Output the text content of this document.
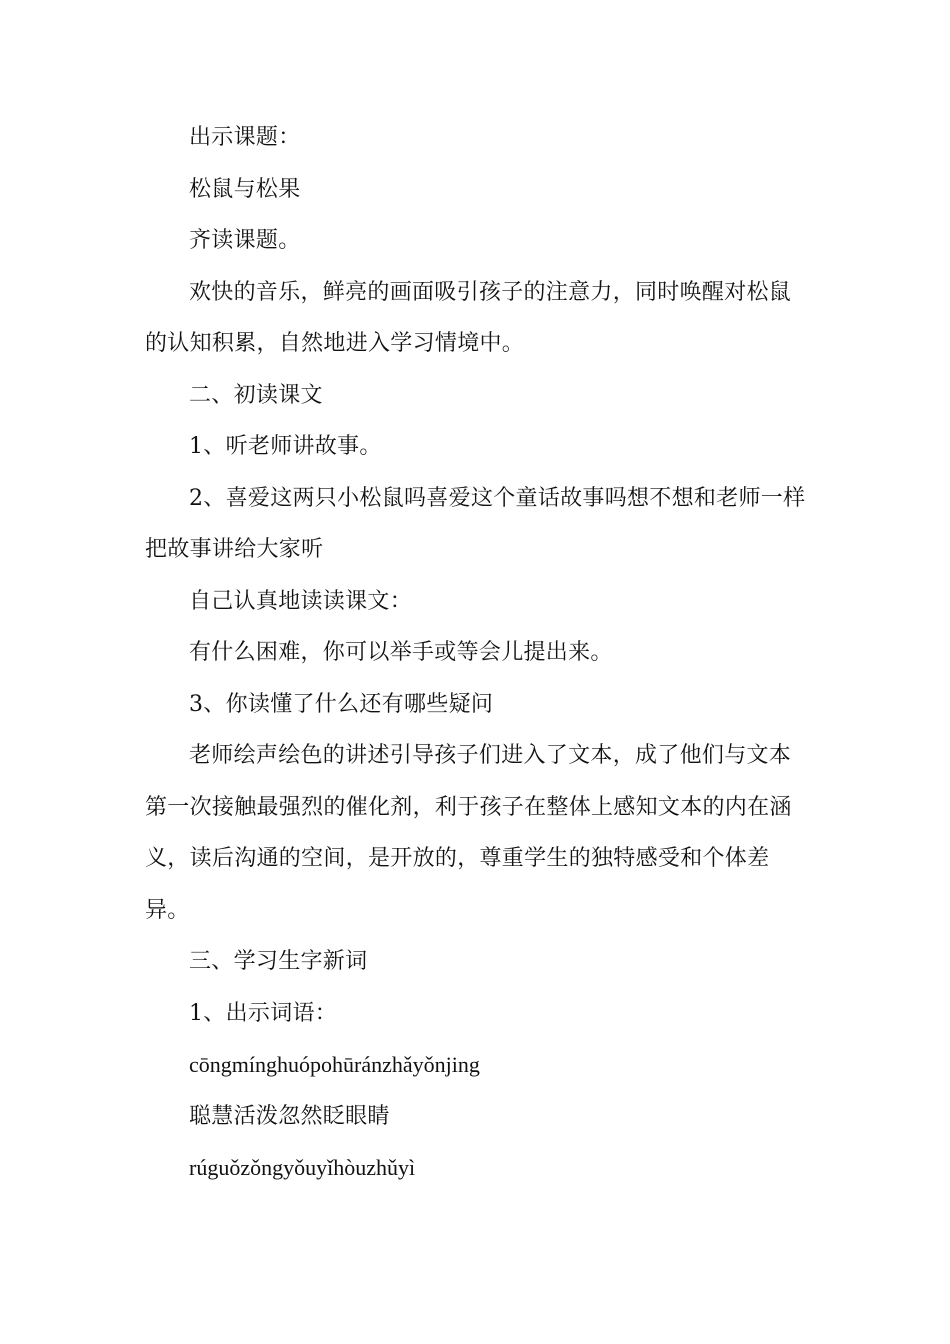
出示课题：

松鼠与松果

齐读课题。

欢快的音乐，鲜亮的画面吸引孩子的注意力，同时唤醒对松鼠的认知积累，自然地进入学习情境中。

二、初读课文

1、听老师讲故事。

2、喜爱这两只小松鼠吗喜爱这个童话故事吗想不想和老师一样把故事讲给大家听

自己认真地读读课文：

有什么困难，你可以举手或等会儿提出来。

3、你读懂了什么还有哪些疑问

老师绘声绘色的讲述引导孩子们进入了文本，成了他们与文本第一次接触最强烈的催化剂，利于孩子在整体上感知文本的内在涵义，读后沟通的空间，是开放的，尊重学生的独特感受和个体差异。

三、学习生字新词

1、出示词语：

cōngmínghuópohūránzhǎyǒnjing

聪慧活泼忽然眨眼睛

rúguǒzǒngyǒuyǐhòuzhǔyì
